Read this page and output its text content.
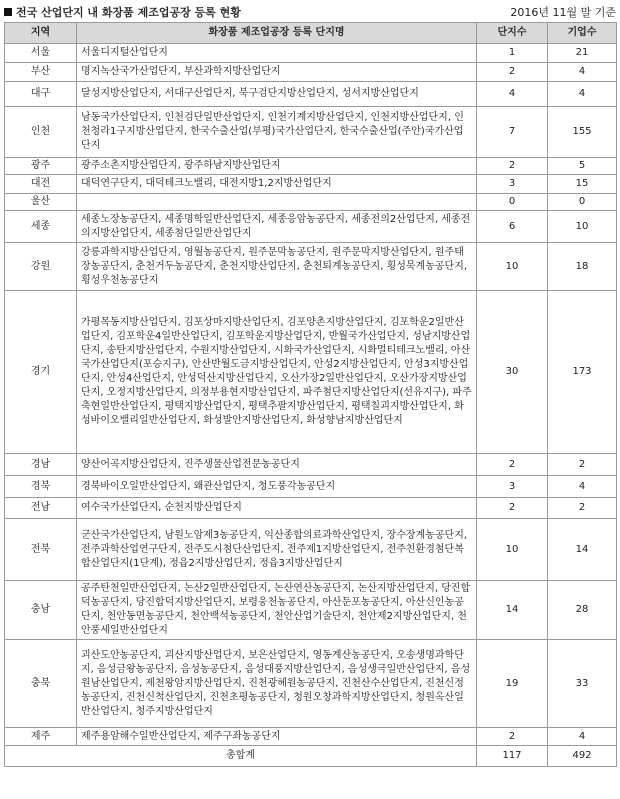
전국 산업단지 내 화장품 제조업공장 등록 현황	2016년 11월 말 기준
지역	화장품 제조업공장 등록 단지명	단지수	기업수
서울	서울디지털산업단지	1	21
부산	명지녹산국가산업단지, 부산과학지방산업단지	2	4
대구	달성지방산업단지, 서대구산업단지, 북구검단지방산업단지, 성서지방산업단지	4	4
인천	남동국가산업단지, 인천검단일반산업단지, 인천기계지방산업단지, 인천지방산업단지, 인천청라1구지방산업단지, 한국수출산업(부평)국가산업단지, 한국수출산업(주안)국가산업단지	7	155
광주	광주소촌지방산업단지, 광주하남지방산업단지	2	5
대전	대덕연구단지, 대덕테크노밸리, 대전지방1,2지방산업단지	3	15
울산		0	0
세종	세종노장농공단지, 세종명학일반산업단지, 세종응암농공단지, 세종전의2산업단지, 세종전의지방산업단지, 세종첨단일반산업단지	6	10
강원	강릉과학지방산업단지, 영월농공단지, 원주문막농공단지, 원주문막지방산업단지, 원주태장농공단지, 춘천거두농공단지, 춘천지방산업단지, 춘천퇴계농공단지, 횡성묵계농공단지, 횡성우천농공단지	10	18
경기	가평목동지방산업단지, 김포상마지방산업단지, 김포양촌지방산업단지, 김포학운2일반산업단지, 김포학운4일반산업단지, 김포학운지방산업단지, 반월국가산업단지, 성남지방산업단지, 송탄지방산업단지, 수원지방산업단지, 시화국가산업단지, 시화멀티테크노밸리, 아산국가산업단지(포승지구), 안산반월도금지방산업단지, 안성2지방산업단지, 안성3지방산업단지, 안성4산업단지, 안성덕산지방산업단지, 오산가장2일반산업단지, 오산가장지방산업단지, 오정지방산업단지, 의정부용현지방산업단지, 파주첨단지방산업단지(선유지구), 파주축현일반산업단지, 평택지방산업단지, 평택추팔지방산업단지, 평택칠괴지방산업단지, 화성바이오밸리일반산업단지, 화성발안지방산업단지, 화성향남지방산업단지	30	173
경남	양산어곡지방산업단지, 진주생물산업전문농공단지	2	2
경북	경북바이오일반산업단지, 왜관산업단지, 청도풍각농공단지	3	4
전남	여수국가산업단지, 순천지방산업단지	2	2
전북	군산국가산업단지, 남원노암제3농공단지, 익산종합의료과학산업단지, 장수장계농공단지, 전주과학산업연구단지, 전주도시첨단산업단지, 전주제1지방산업단지, 전주친환경첨단복합산업단지(1단계), 정읍2지방산업단지, 정읍3지방산업단지	10	14
충남	공주탄천일반산업단지, 논산2일반산업단지, 논산연산농공단지, 논산지방산업단지, 당진합덕농공단지, 당진합덕지방산업단지, 보령웅천농공단지, 아산둔포농공단지, 아산신인농공단지, 천안동면농공단지, 천안백석농공단지, 천안산업기술단지, 천안제2지방산업단지, 천안풍세일반산업단지	14	28
충북	괴산도안농공단지, 괴산지방산업단지, 보은산업단지, 영동계산농공단지, 오송생명과학단지, 음성금왕농공단지, 음성농공단지, 음성대풍지방산업단지, 음성생극일반산업단지, 음성원남산업단지, 제천왕암지방산업단지, 진천광혜원농공단지, 진천산수산업단지, 진천신정농공단지, 진천신척산업단지, 진천초평농공단지, 청원오창과학지방산업단지, 청원옥산일반산업단지, 청주지방산업단지	19	33
제주	제주용암해수일반산업단지, 제주구좌농공단지	2	4
총합계		117	492
